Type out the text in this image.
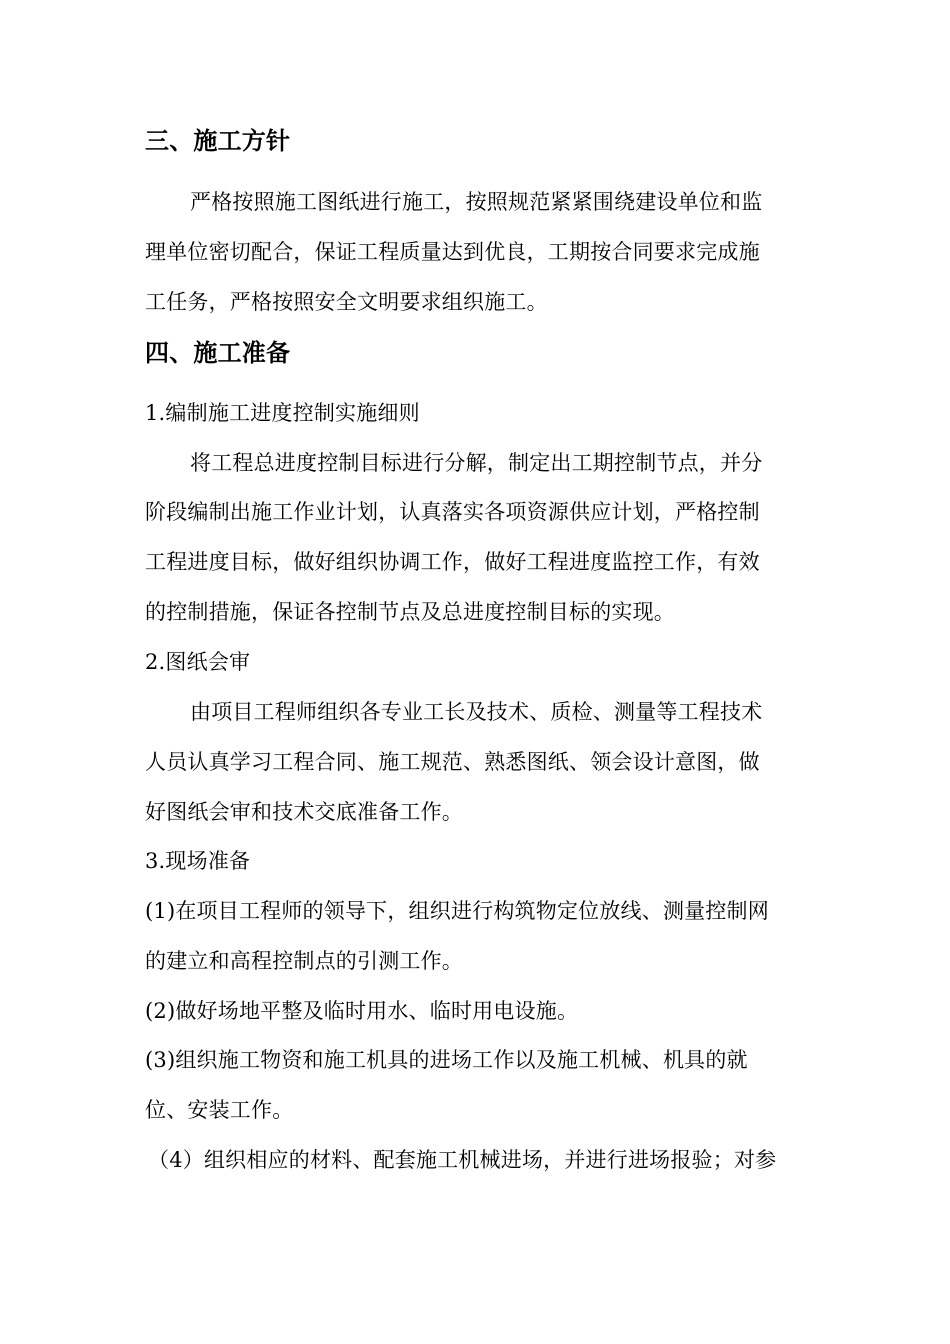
三、施工方针
严格按照施工图纸进行施工，按照规范紧紧围绕建设单位和监
理单位密切配合，保证工程质量达到优良，工期按合同要求完成施
工任务，严格按照安全文明要求组织施工。
四、施工准备
1.编制施工进度控制实施细则
将工程总进度控制目标进行分解，制定出工期控制节点，并分
阶段编制出施工作业计划，认真落实各项资源供应计划，严格控制
工程进度目标，做好组织协调工作，做好工程进度监控工作，有效
的控制措施，保证各控制节点及总进度控制目标的实现。
2.图纸会审
由项目工程师组织各专业工长及技术、质检、测量等工程技术
人员认真学习工程合同、施工规范、熟悉图纸、领会设计意图，做
好图纸会审和技术交底准备工作。
3.现场准备
(1)在项目工程师的领导下，组织进行构筑物定位放线、测量控制网
的建立和高程控制点的引测工作。
(2)做好场地平整及临时用水、临时用电设施。
(3)组织施工物资和施工机具的进场工作以及施工机械、机具的就
位、安装工作。
（4）组织相应的材料、配套施工机械进场，并进行进场报验；对参
